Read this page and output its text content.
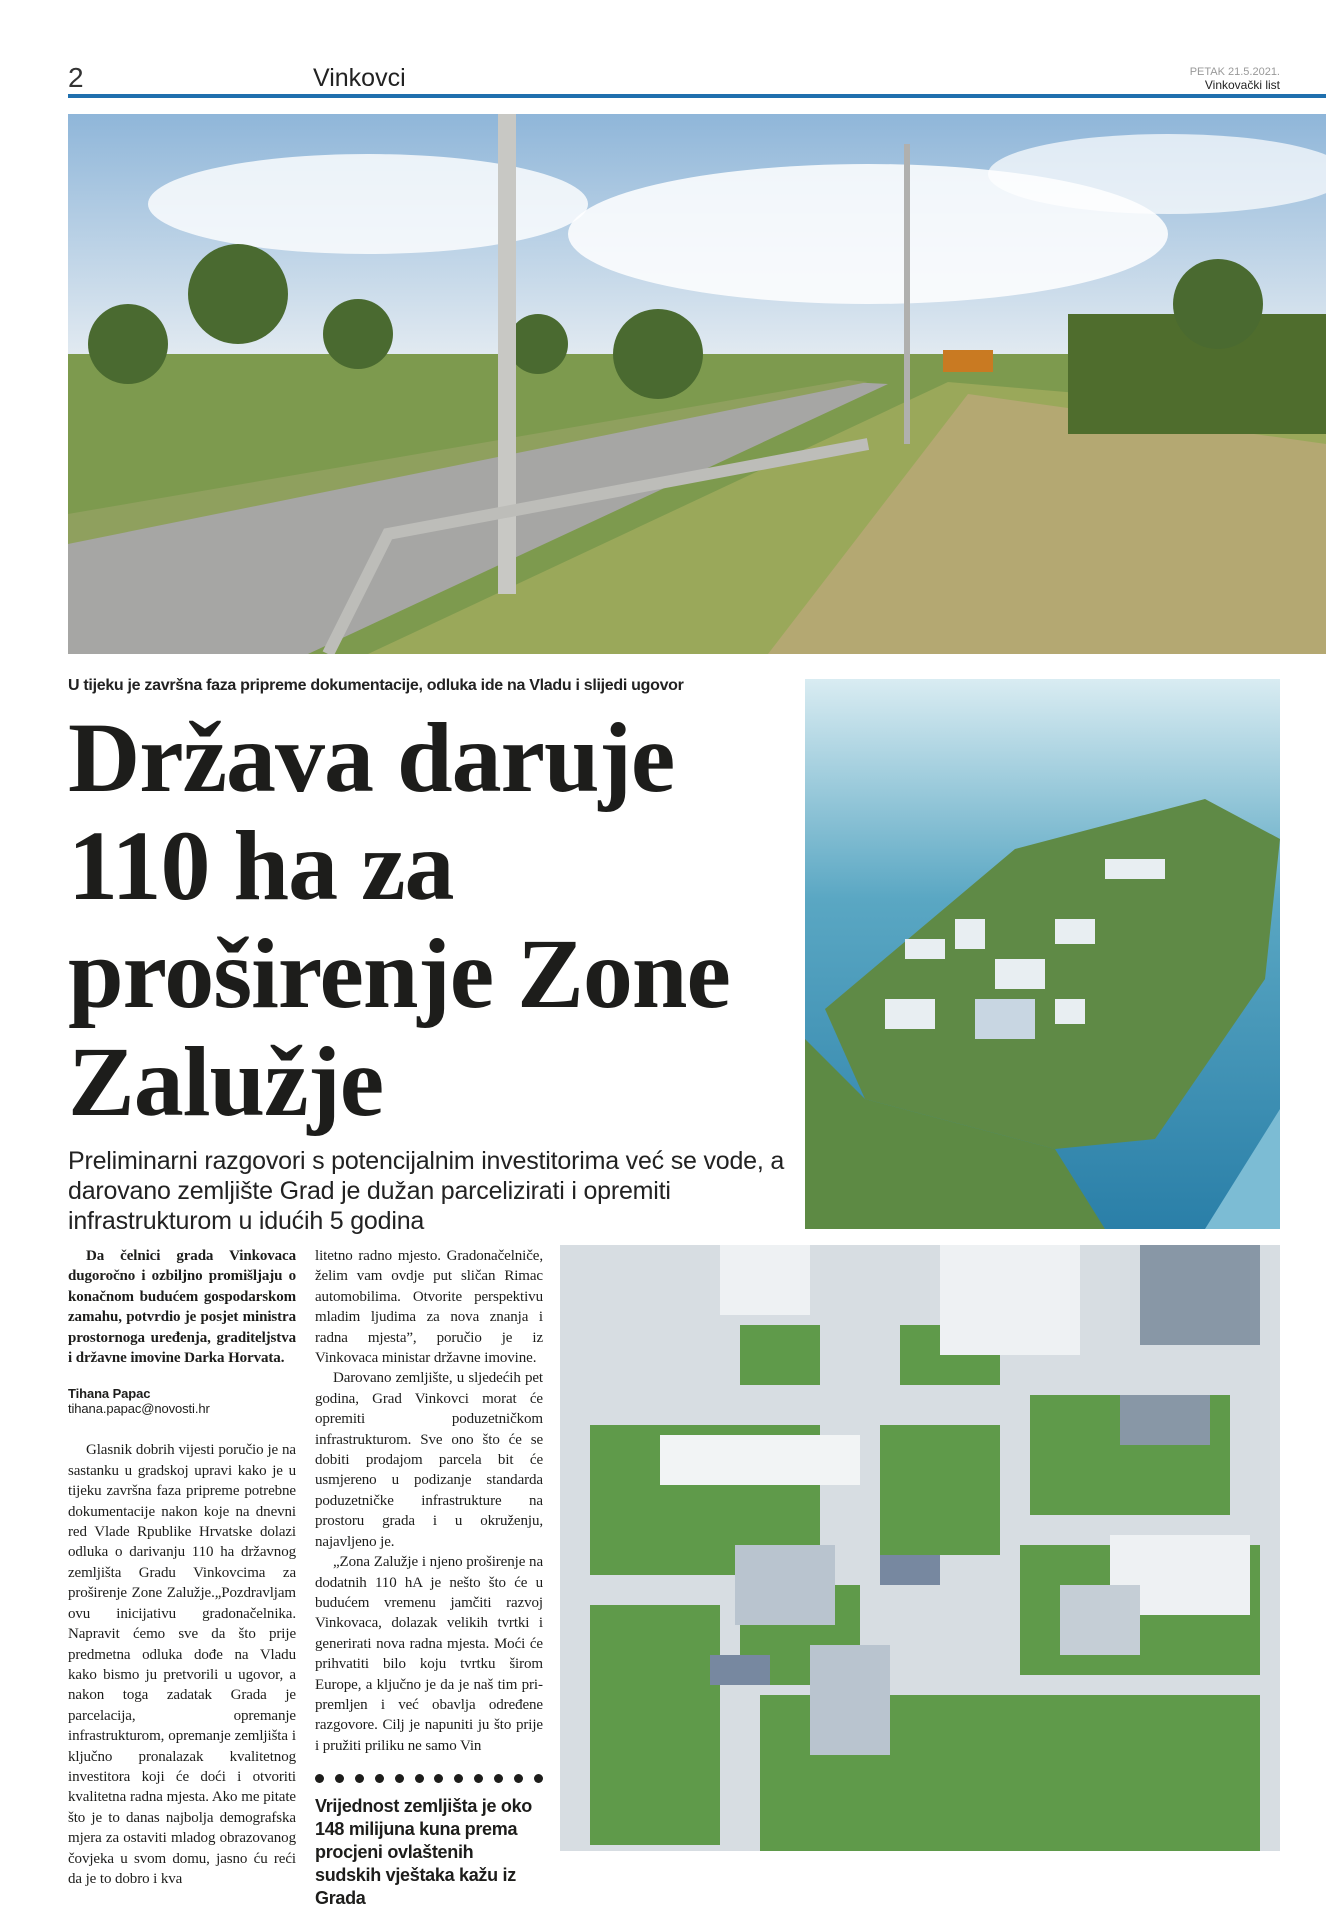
2	Vinkovci	PETAK 21.5.2021.
Vinkovački list
U tijeku je završna faza pripreme dokumentacije, odluka ide na Vladu i slijedi ugovor
Država daruje 110 ha za proširenje Zone Zalužje
Preliminarni razgovori s potencijalnim investitorima već se vode, a darovano zemljište Grad je dužan parcelizirati i opremiti infrastrukturom u idućih 5 godina

Da čelnici grada Vinkovaca dugoročno i ozbiljno promišljaju o konačnom budućem gospodarskom zamahu, potvrdio je posjet ministra prostornoga uređenja, graditeljstva i državne imovine Darka Horvata.

Tihana Papac

tihana.papac@novosti.hr

Glasnik dobrih vijesti poručio je na sastanku u gradskoj upravi kako je u tijeku završna faza pripreme potrebne dokumentacije nakon koje na dnevni red Vlade Rpublike Hrvatske dolazi odluka o darivanju 110 ha državnog zemljišta Gradu Vinkovcima za proširenje Zone Zalužje.„Pozdravljam ovu inicijativu gradonačelnika. Napravit ćemo sve da što prije predmetna odluka dođe na Vladu kako bismo ju pretvorili u ugovor, a nakon toga zadatak Grada je parcelacija, opremanje infrastrukturom, opremanje zemljišta i ključno pronalazak kvalitetnog investitora koji će doći i otvoriti kvalitetna radna mjesta. Ako me pitate što je to danas najbolja demografska mjera za ostaviti mladog obrazovanog čovjeka u svom domu, jasno ću reći da je to dobro i kva

litetno radno mjesto. Gradonačelniče, želim vam ovdje put sličan Rimac automobilima. Otvorite perspektivu mladim ljudima za nova znanja i radna mjesta”, poručio je iz Vinkovaca ministar državne imovine.

Darovano zemljište, u sljedećih pet godina, Grad Vinkovci morat će opremiti poduzetničkom infrastrukturom. Sve ono što će se dobiti prodajom parcela bit će usmjereno u podizanje standarda poduzetničke infrastrukture na prostoru grada i u okruženju, najavljeno je.

„Zona Zalužje i njeno proširenje na dodatnih 110 hA je nešto što će u budućem vremenu jamčiti razvoj Vinkovaca, dolazak velikih tvrtki i generirati nova radna mjesta. Moći će prihvatiti bilo koju tvrtku širom Europe, a ključno je da je naš tim pripremljen i već obavlja određene razgovore. Cilj je napuniti ju što prije i pružiti priliku ne samo Vin

Vrijednost zemljišta je oko 148 milijuna kuna prema procjeni ovlaštenih sudskih vještaka kažu iz Grada
